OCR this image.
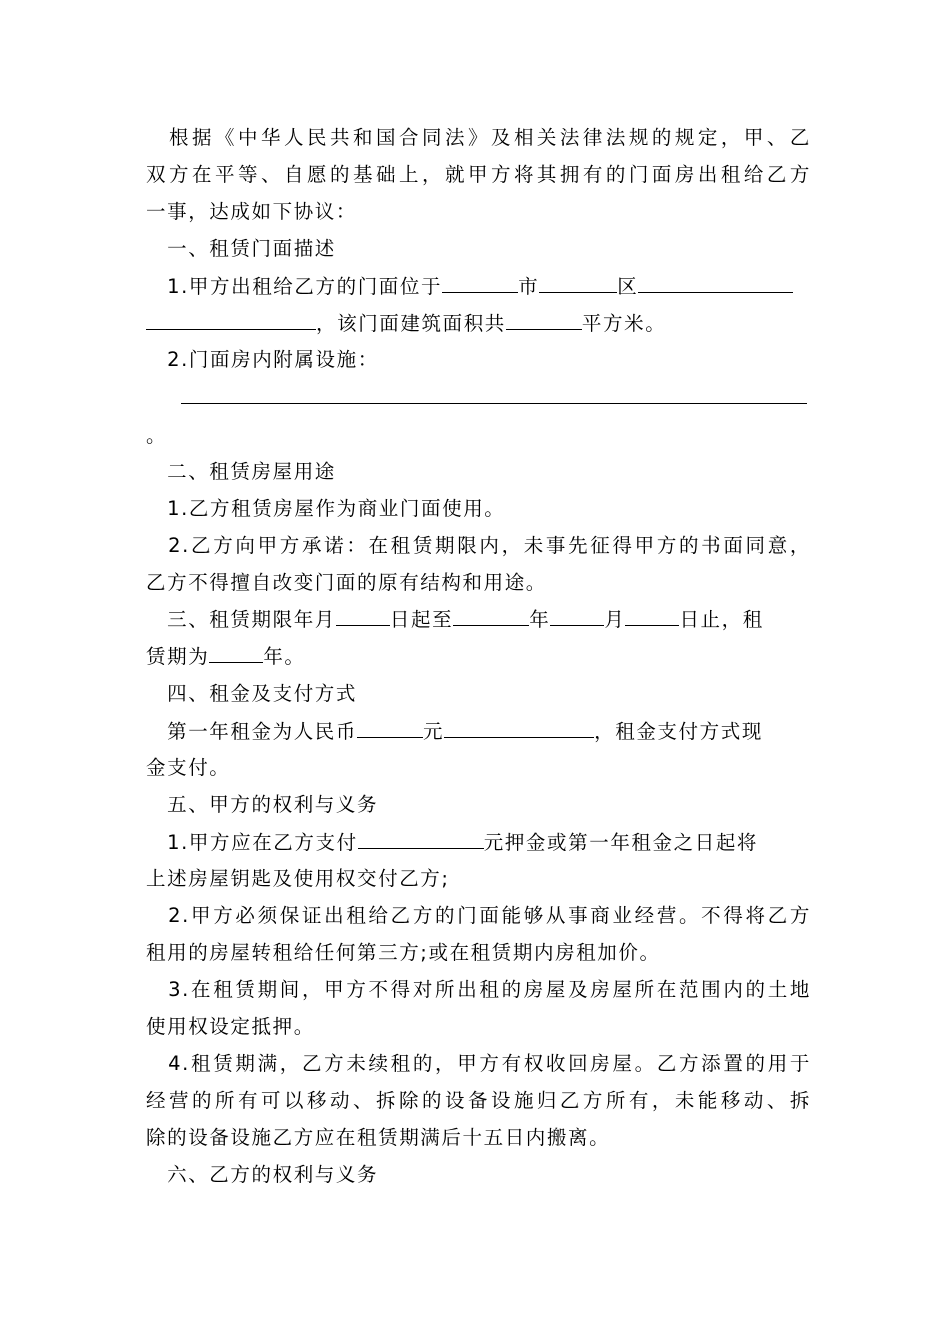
　根据《中华人民共和国合同法》及相关法律法规的规定，甲、乙
双方在平等、自愿的基础上，就甲方将其拥有的门面房出租给乙方
一事，达成如下协议：
　一、租赁门面描述
　1.甲方出租给乙方的门面位于	市	区
，该门面建筑面积共	平方米。
　2.门面房内附属设施：
。
　二、租赁房屋用途
　1.乙方租赁房屋作为商业门面使用。
　2.乙方向甲方承诺：在租赁期限内，未事先征得甲方的书面同意，
乙方不得擅自改变门面的原有结构和用途。
　三、租赁期限年月	日起至	年	月	日止，租
赁期为	年。
　四、租金及支付方式
　第一年租金为人民币	元	，租金支付方式现
金支付。
　五、甲方的权利与义务
　1.甲方应在乙方支付	元押金或第一年租金之日起将
上述房屋钥匙及使用权交付乙方;
　2.甲方必须保证出租给乙方的门面能够从事商业经营。不得将乙方
租用的房屋转租给任何第三方;或在租赁期内房租加价。
　3.在租赁期间，甲方不得对所出租的房屋及房屋所在范围内的土地
使用权设定抵押。
　4.租赁期满，乙方未续租的，甲方有权收回房屋。乙方添置的用于
经营的所有可以移动、拆除的设备设施归乙方所有，未能移动、拆
除的设备设施乙方应在租赁期满后十五日内搬离。
　六、乙方的权利与义务
